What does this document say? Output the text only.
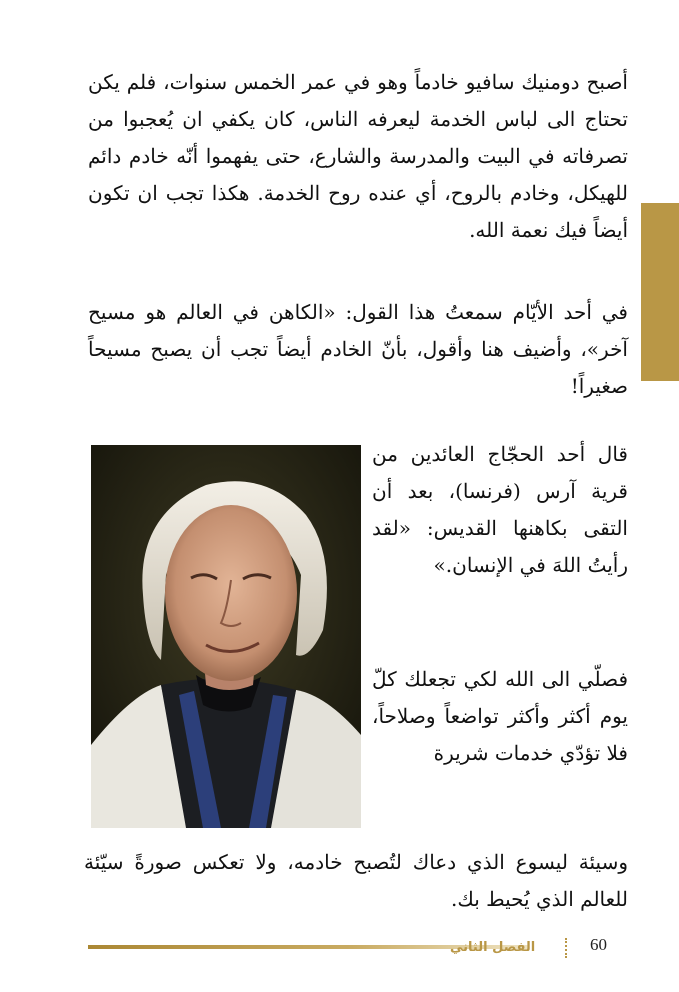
أصبح دومنيك سافيو خادماً وهو في عمر الخمس سنوات، فلم يكن تحتاج الى لباس الخدمة ليعرفه الناس، كان يكفي ان يُعجبوا من تصرفاته في البيت والمدرسة والشارع، حتى يفهموا أنّه خادم دائم للهيكل، وخادم بالروح، أي عنده روح الخدمة. هكذا تجب ان تكون أيضاً فيك نعمة الله.

في أحد الأيّام سمعتُ هذا القول: «الكاهن في العالم هو مسيح آخر»، وأضيف هنا وأقول، بأنّ الخادم أيضاً تجب أن يصبح مسيحاً صغيراً!

قال أحد الحجّاج العائدين من قرية آرس (فرنسا)، بعد أن التقى بكاهنها القديس: «لقد رأيتُ اللهَ في الإنسان.»

فصلّي الى الله لكي تجعلك كلّ يوم أكثر وأكثر تواضعاً وصلاحاً، فلا تؤدّي خدمات شريرة

وسيئة ليسوع الذي دعاك لتُصبح خادمه، ولا تعكس صورةً سيّئة للعالم الذي يُحيط بك.

الفصل الثاني	60
